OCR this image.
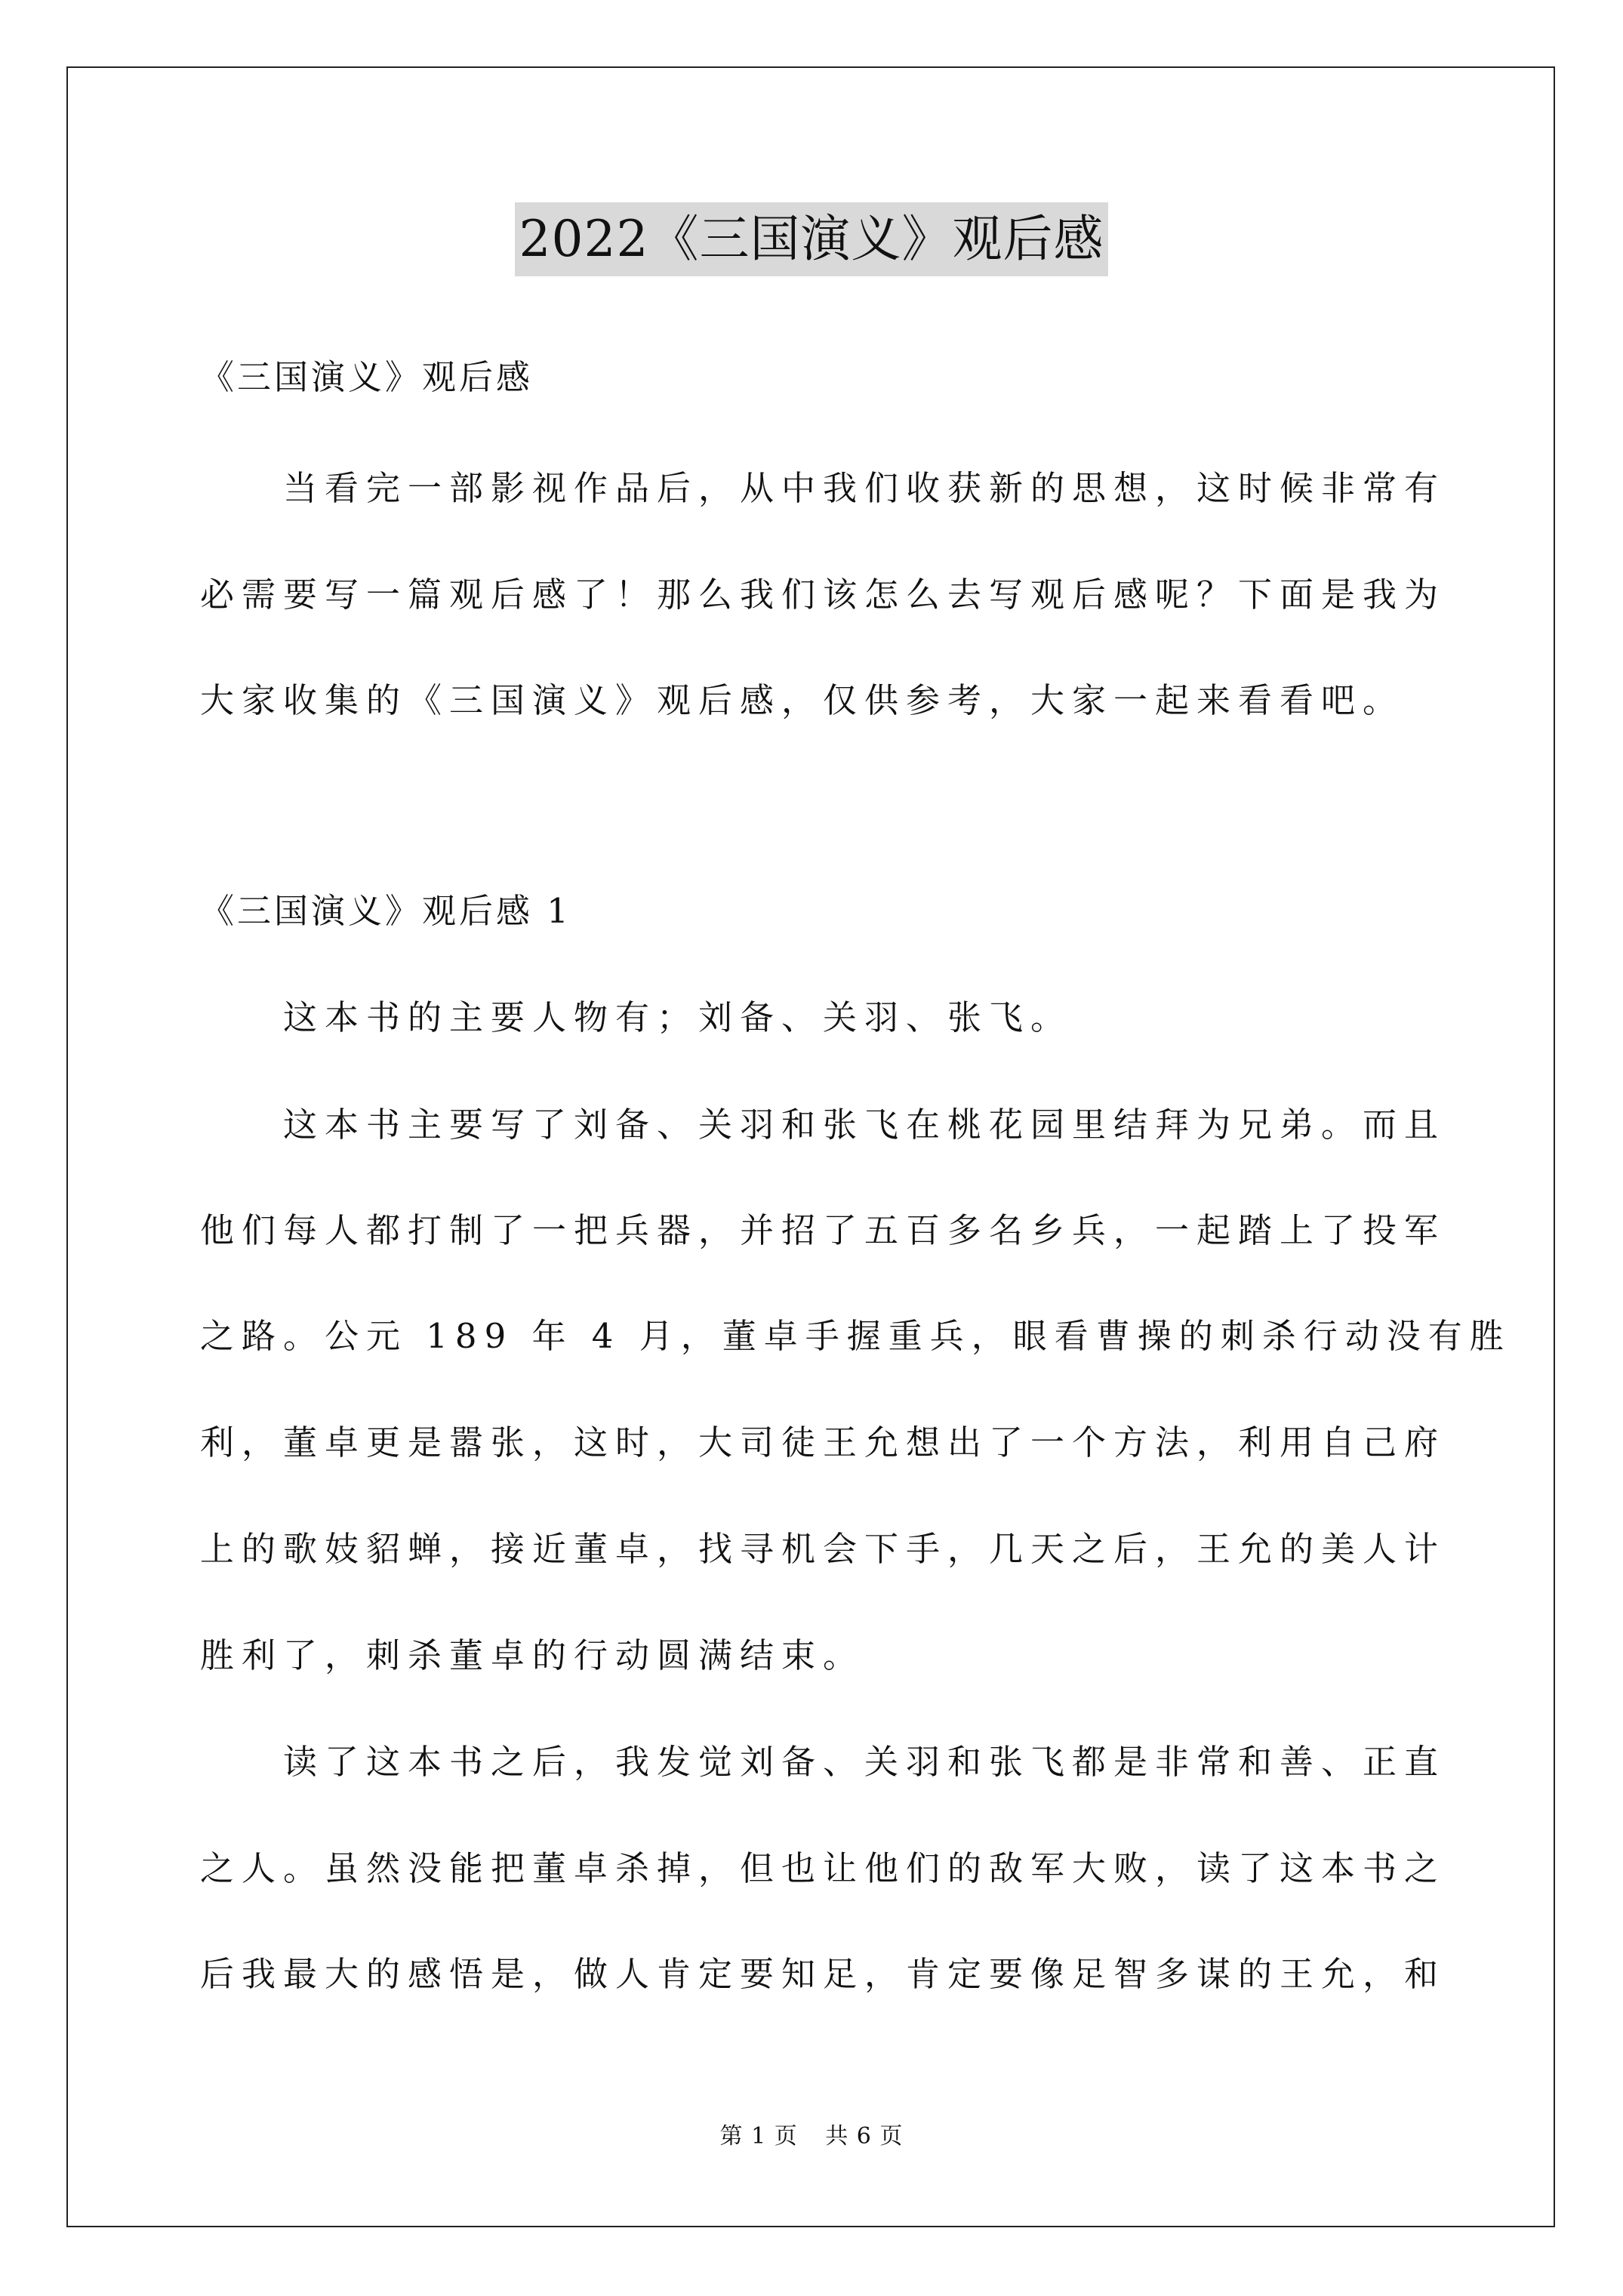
2022《三国演义》观后感
《三国演义》观后感
当看完一部影视作品后，从中我们收获新的思想，这时候非常有
必需要写一篇观后感了！那么我们该怎么去写观后感呢？下面是我为
大家收集的《三国演义》观后感，仅供参考，大家一起来看看吧。
《三国演义》观后感 1
这本书的主要人物有；刘备、关羽、张飞。
这本书主要写了刘备、关羽和张飞在桃花园里结拜为兄弟。而且
他们每人都打制了一把兵器，并招了五百多名乡兵，一起踏上了投军
之路。公元 189 年 4 月，董卓手握重兵，眼看曹操的刺杀行动没有胜
利，董卓更是嚣张，这时，大司徒王允想出了一个方法，利用自己府
上的歌妓貂蝉，接近董卓，找寻机会下手，几天之后，王允的美人计
胜利了，刺杀董卓的行动圆满结束。
读了这本书之后，我发觉刘备、关羽和张飞都是非常和善、正直
之人。虽然没能把董卓杀掉，但也让他们的敌军大败，读了这本书之
后我最大的感悟是，做人肯定要知足，肯定要像足智多谋的王允，和
第 1 页 共 6 页
